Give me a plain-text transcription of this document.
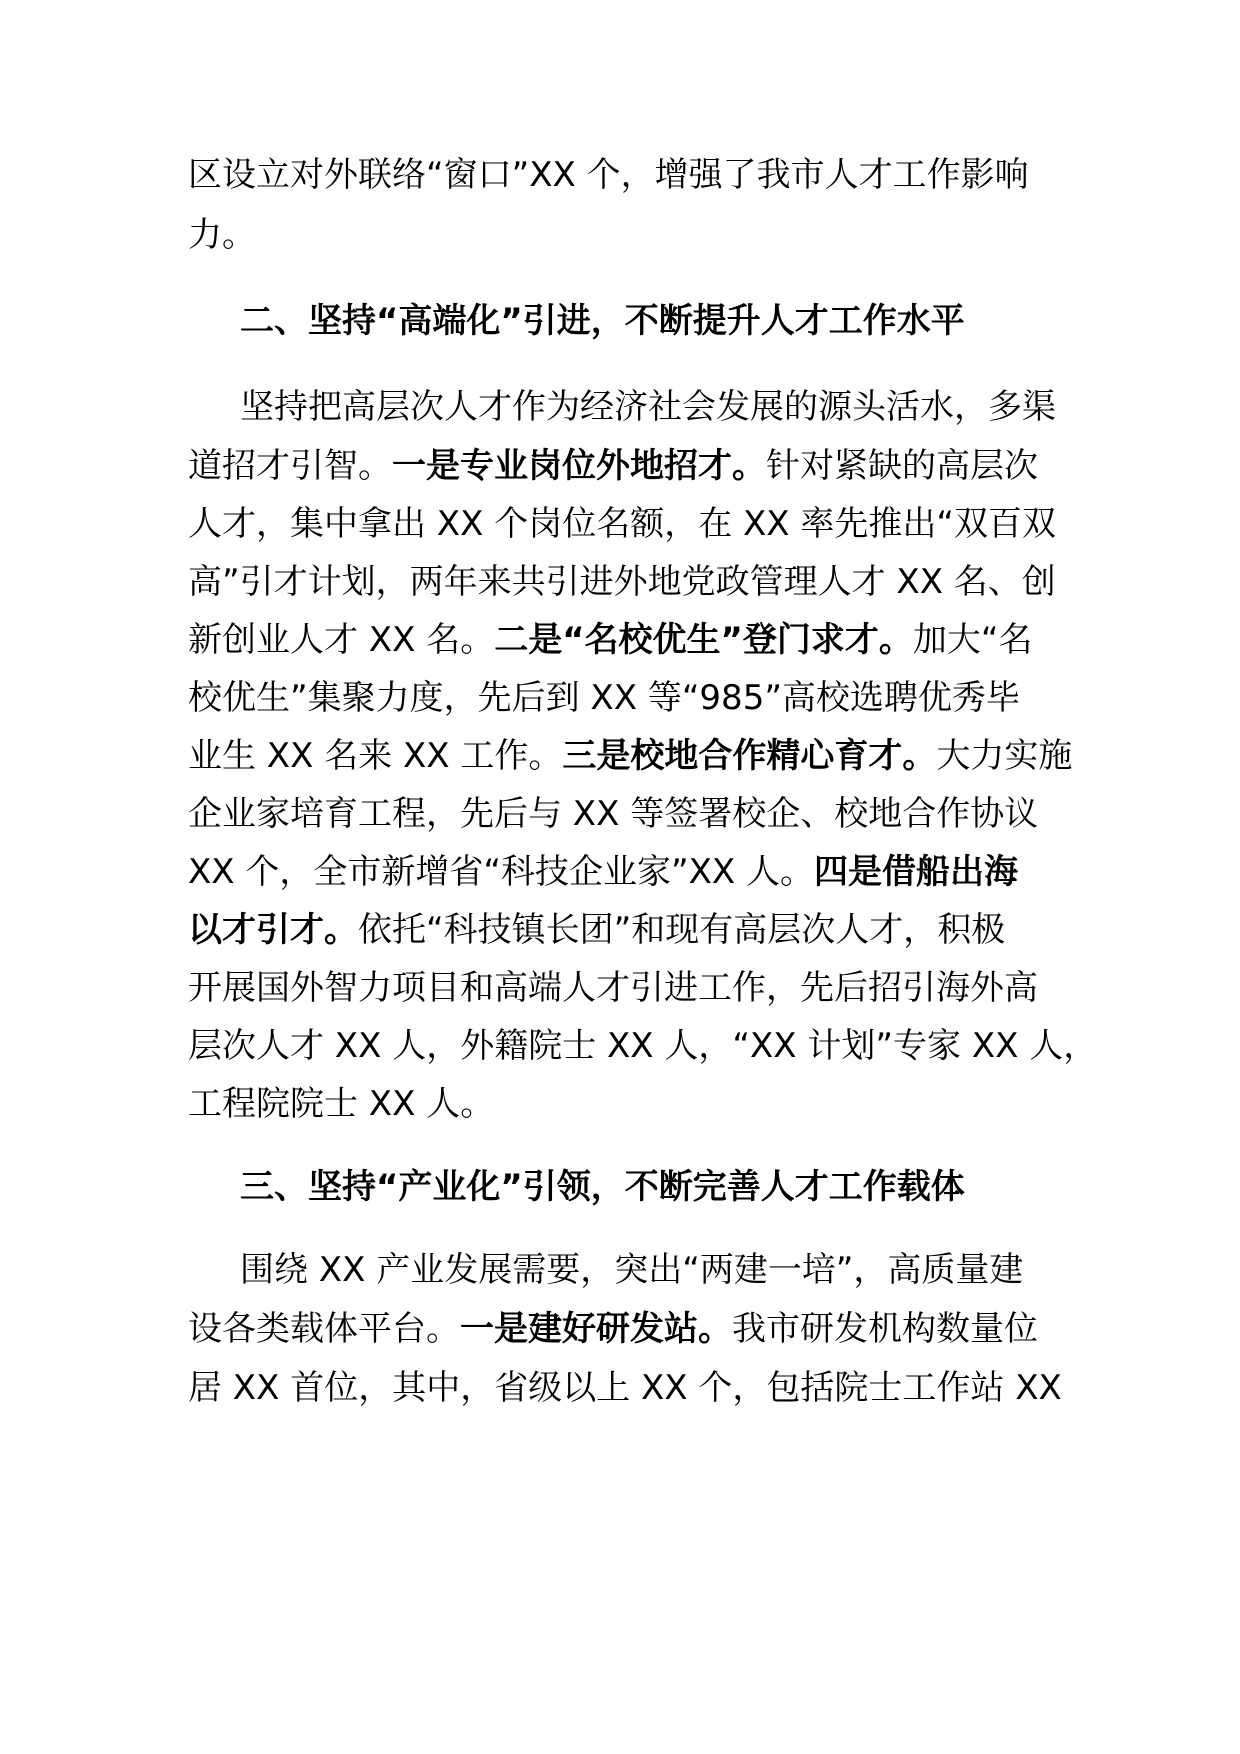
区设立对外联络“窗口”XX 个，增强了我市人才工作影响
力。
二、坚持“高端化”引进，不断提升人才工作水平
坚持把高层次人才作为经济社会发展的源头活水，多渠
道招才引智。一是专业岗位外地招才。针对紧缺的高层次
人才，集中拿出 XX 个岗位名额，在 XX 率先推出“双百双
高”引才计划，两年来共引进外地党政管理人才 XX 名、创
新创业人才 XX 名。二是“名校优生”登门求才。加大“名
校优生”集聚力度，先后到 XX 等“985”高校选聘优秀毕
业生 XX 名来 XX 工作。三是校地合作精心育才。大力实施
企业家培育工程，先后与 XX 等签署校企、校地合作协议
XX 个，全市新增省“科技企业家”XX 人。四是借船出海
以才引才。依托“科技镇长团”和现有高层次人才，积极
开展国外智力项目和高端人才引进工作，先后招引海外高
层次人才 XX 人，外籍院士 XX 人，“XX 计划”专家 XX 人，
工程院院士 XX 人。
三、坚持“产业化”引领，不断完善人才工作载体
围绕 XX 产业发展需要，突出“两建一培”，高质量建
设各类载体平台。一是建好研发站。我市研发机构数量位
居 XX 首位，其中，省级以上 XX 个，包括院士工作站 XX
